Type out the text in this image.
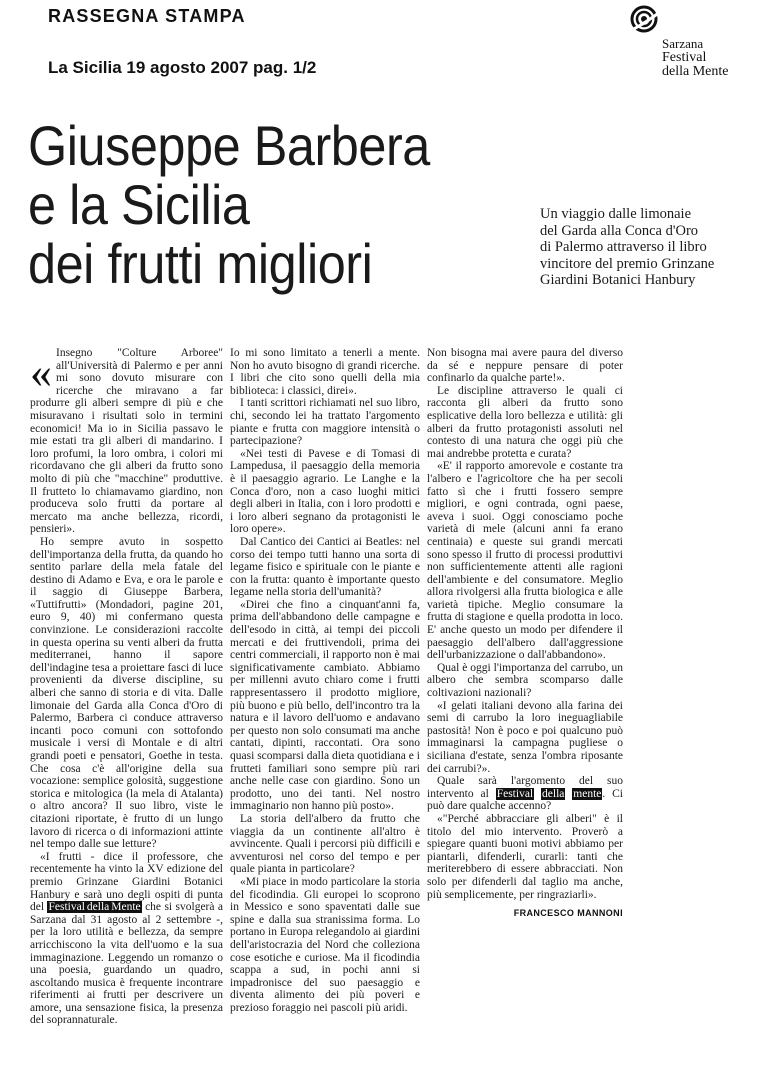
RASSEGNA STAMPA
La Sicilia 19 agosto 2007 pag. 1/2
Sarzana
Festival
della Mente
Giuseppe Barbera
e la Sicilia
dei frutti migliori
Un viaggio dalle limonaie
del Garda alla Conca d'Oro
di Palermo attraverso il libro
vincitore del premio Grinzane
Giardini Botanici Hanbury

« Insegno "Colture Arboree" all'Università di Palermo e per anni mi sono dovuto misurare con ricerche che miravano a far produrre gli alberi sempre di più e che misuravano i risultati solo in termini economici! Ma io in Sicilia passavo le mie estati tra gli alberi di mandarino. I loro profumi, la loro ombra, i colori mi ricordavano che gli alberi da frutto sono molto di più che "macchine" produttive. Il frutteto lo chiamavamo giardino, non produceva solo frutti da portare al mercato ma anche bellezza, ricordi, pensieri».

Ho sempre avuto in sospetto dell'importanza della frutta, da quando ho sentito parlare della mela fatale del destino di Adamo e Eva, e ora le parole e il saggio di Giuseppe Barbera, «Tuttifrutti» (Mondadori, pagine 201, euro 9, 40) mi confermano questa convinzione. Le considerazioni raccolte in questa operina su venti alberi da frutta mediterranei, hanno il sapore dell'indagine tesa a proiettare fasci di luce provenienti da diverse discipline, su alberi che sanno di storia e di vita. Dalle limonaie del Garda alla Conca d'Oro di Palermo, Barbera ci conduce attraverso incanti poco comuni con sottofondo musicale i versi di Montale e di altri grandi poeti e pensatori, Goethe in testa. Che cosa c'è all'origine della sua vocazione: semplice golosità, suggestione storica e mitologica (la mela di Atalanta) o altro ancora? Il suo libro, viste le citazioni riportate, è frutto di un lungo lavoro di ricerca o di informazioni attinte nel tempo dalle sue letture?

«I frutti - dice il professore, che recentemente ha vinto la XV edizione del premio Grinzane Giardini Botanici Hanbury e sarà uno degli ospiti di punta del Festival della Mente che si svolgerà a Sarzana dal 31 agosto al 2 settembre -, per la loro utilità e bellezza, da sempre arricchiscono la vita dell'uomo e la sua immaginazione. Leggendo un romanzo o una poesia, guardando un quadro, ascoltando musica è frequente incontrare riferimenti ai frutti per descrivere un amore, una sensazione fisica, la presenza del soprannaturale.

Io mi sono limitato a tenerli a mente. Non ho avuto bisogno di grandi ricerche. I libri che cito sono quelli della mia biblioteca: i classici, direi».

I tanti scrittori richiamati nel suo libro, chi, secondo lei ha trattato l'argomento piante e frutta con maggiore intensità o partecipazione?

«Nei testi di Pavese e di Tomasi di Lampedusa, il paesaggio della memoria è il paesaggio agrario. Le Langhe e la Conca d'oro, non a caso luoghi mitici degli alberi in Italia, con i loro prodotti e i loro alberi segnano da protagonisti le loro opere».

Dal Cantico dei Cantici ai Beatles: nel corso dei tempo tutti hanno una sorta di legame fisico e spirituale con le piante e con la frutta: quanto è importante questo legame nella storia dell'umanità?

«Direi che fino a cinquant'anni fa, prima dell'abbandono delle campagne e dell'esodo in città, ai tempi dei piccoli mercati e dei fruttivendoli, prima dei centri commerciali, il rapporto non è mai significativamente cambiato. Abbiamo per millenni avuto chiaro come i frutti rappresentassero il prodotto migliore, più buono e più bello, dell'incontro tra la natura e il lavoro dell'uomo e andavano per questo non solo consumati ma anche cantati, dipinti, raccontati. Ora sono quasi scomparsi dalla dieta quotidiana e i frutteti familiari sono sempre più rari anche nelle case con giardino. Sono un prodotto, uno dei tanti. Nel nostro immaginario non hanno più posto».

La storia dell'albero da frutto che viaggia da un continente all'altro è avvincente. Quali i percorsi più difficili e avventurosi nel corso del tempo e per quale pianta in particolare?

«Mi piace in modo particolare la storia del ficodindia. Gli europei lo scoprono in Messico e sono spaventati dalle sue spine e dalla sua stranissima forma. Lo portano in Europa relegandolo ai giardini dell'aristocrazia del Nord che colleziona cose esotiche e curiose. Ma il ficodindia scappa a sud, in pochi anni si impadronisce del suo paesaggio e diventa alimento dei più poveri e prezioso foraggio nei pascoli più aridi.

Non bisogna mai avere paura del diverso da sé e neppure pensare di poter confinarlo da qualche parte!».

Le discipline attraverso le quali ci racconta gli alberi da frutto sono esplicative della loro bellezza e utilità: gli alberi da frutto protagonisti assoluti nel contesto di una natura che oggi più che mai andrebbe protetta e curata?

«E' il rapporto amorevole e costante tra l'albero e l'agricoltore che ha per secoli fatto sì che i frutti fossero sempre migliori, e ogni contrada, ogni paese, aveva i suoi. Oggi conosciamo poche varietà di mele (alcuni anni fa erano centinaia) e queste sui grandi mercati sono spesso il frutto di processi produttivi non sufficientemente attenti alle ragioni dell'ambiente e del consumatore. Meglio allora rivolgersi alla frutta biologica e alle varietà tipiche. Meglio consumare la frutta di stagione e quella prodotta in loco. E' anche questo un modo per difendere il paesaggio dell'albero dall'aggressione dell'urbanizzazione o dall'abbandono».

Qual è oggi l'importanza del carrubo, un albero che sembra scomparso dalle coltivazioni nazionali?

«I gelati italiani devono alla farina dei semi di carrubo la loro ineguagliabile pastosità! Non è poco e poi qualcuno può immaginarsi la campagna pugliese o siciliana d'estate, senza l'ombra riposante dei carrubi?».

Quale sarà l'argomento del suo intervento al Festival della mente. Ci può dare qualche accenno?

«"Perché abbracciare gli alberi" è il titolo del mio intervento. Proverò a spiegare quanti buoni motivi abbiamo per piantarli, difenderli, curarli: tanti che meriterebbero di essere abbracciati. Non solo per difenderli dal taglio ma anche, più semplicemente, per ringraziarli».

FRANCESCO MANNONI
